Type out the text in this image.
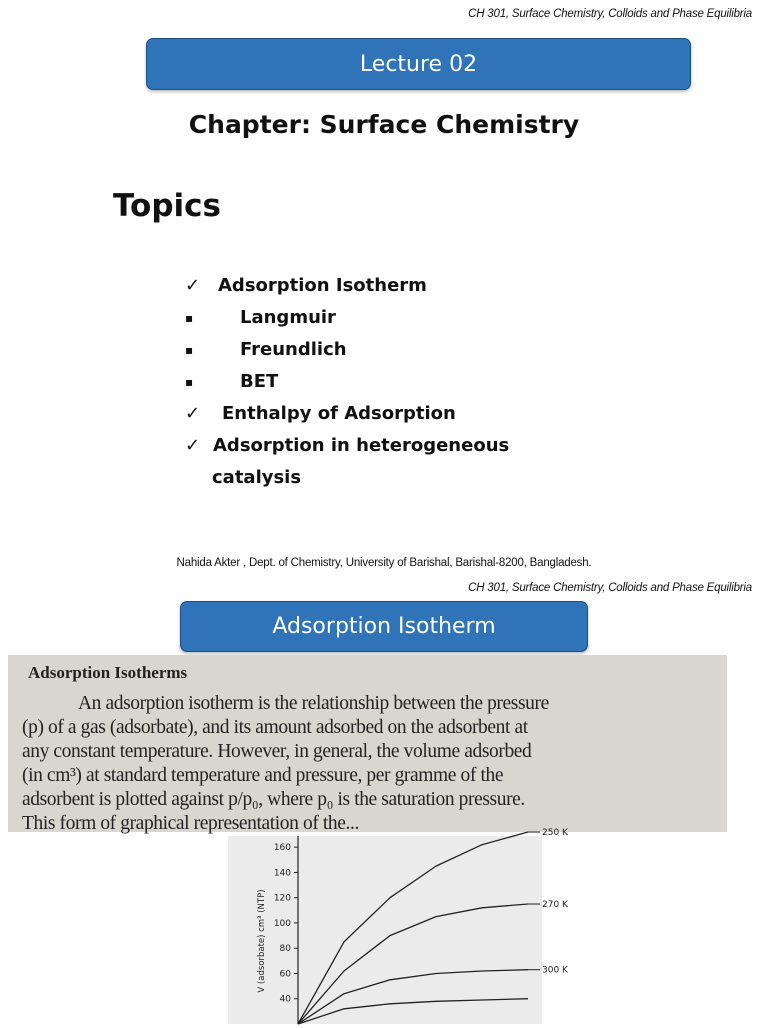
CH 301, Surface Chemistry, Colloids and Phase Equilibria
Lecture 02
Chapter: Surface Chemistry
Topics
✓ Adsorption Isotherm
▪	Langmuir
▪	Freundlich
▪	BET
✓ Enthalpy of Adsorption
✓ Adsorption in heterogeneous
catalysis
Nahida Akter , Dept. of Chemistry, University of Barishal, Barishal-8200, Bangladesh.
CH 301, Surface Chemistry, Colloids and Phase Equilibria
Adsorption Isotherm
Adsorption Isotherms
An adsorption isotherm is the relationship between the pressure
(p) of a gas (adsorbate), and its amount adsorbed on the adsorbent at
any constant temperature. However, in general, the volume adsorbed
(in cm³) at standard temperature and pressure, per gramme of the
adsorbent is plotted against p/p₀, where p₀ is the saturation pressure.
This form of graphical representation of the...
40
60
80
100
120
140
160
V (adsorbate) cm³ (NTP)
250 K
270 K
300 K
